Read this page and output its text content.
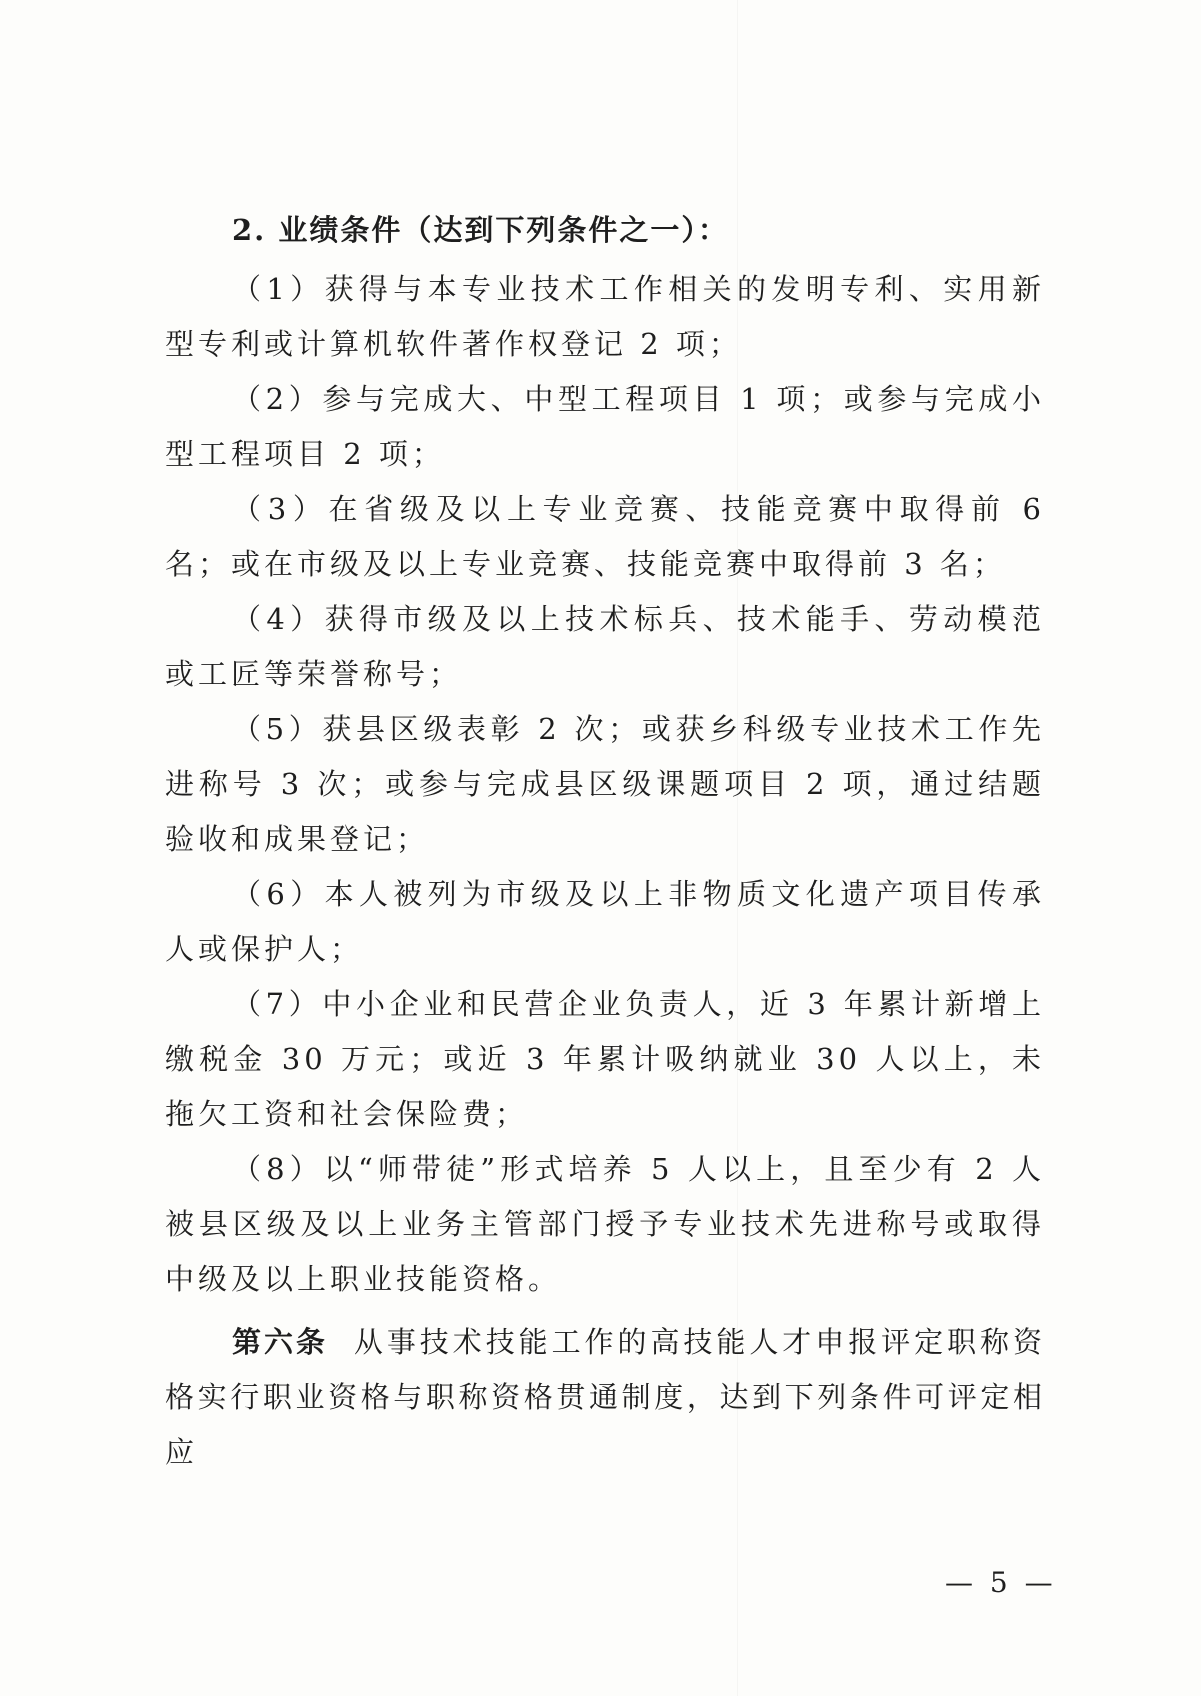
2. 业绩条件（达到下列条件之一）：

（1）获得与本专业技术工作相关的发明专利、实用新型专利或计算机软件著作权登记 2 项；

（2）参与完成大、中型工程项目 1 项；或参与完成小型工程项目 2 项；

（3）在省级及以上专业竞赛、技能竞赛中取得前 6 名；或在市级及以上专业竞赛、技能竞赛中取得前 3 名；

（4）获得市级及以上技术标兵、技术能手、劳动模范或工匠等荣誉称号；

（5）获县区级表彰 2 次；或获乡科级专业技术工作先进称号 3 次；或参与完成县区级课题项目 2 项，通过结题验收和成果登记；

（6）本人被列为市级及以上非物质文化遗产项目传承人或保护人；

（7）中小企业和民营企业负责人，近 3 年累计新增上缴税金 30 万元；或近 3 年累计吸纳就业 30 人以上，未拖欠工资和社会保险费；

（8）以“师带徒”形式培养 5 人以上，且至少有 2 人被县区级及以上业务主管部门授予专业技术先进称号或取得中级及以上职业技能资格。

第六条 从事技术技能工作的高技能人才申报评定职称资格实行职业资格与职称资格贯通制度，达到下列条件可评定相应

— 5 —
